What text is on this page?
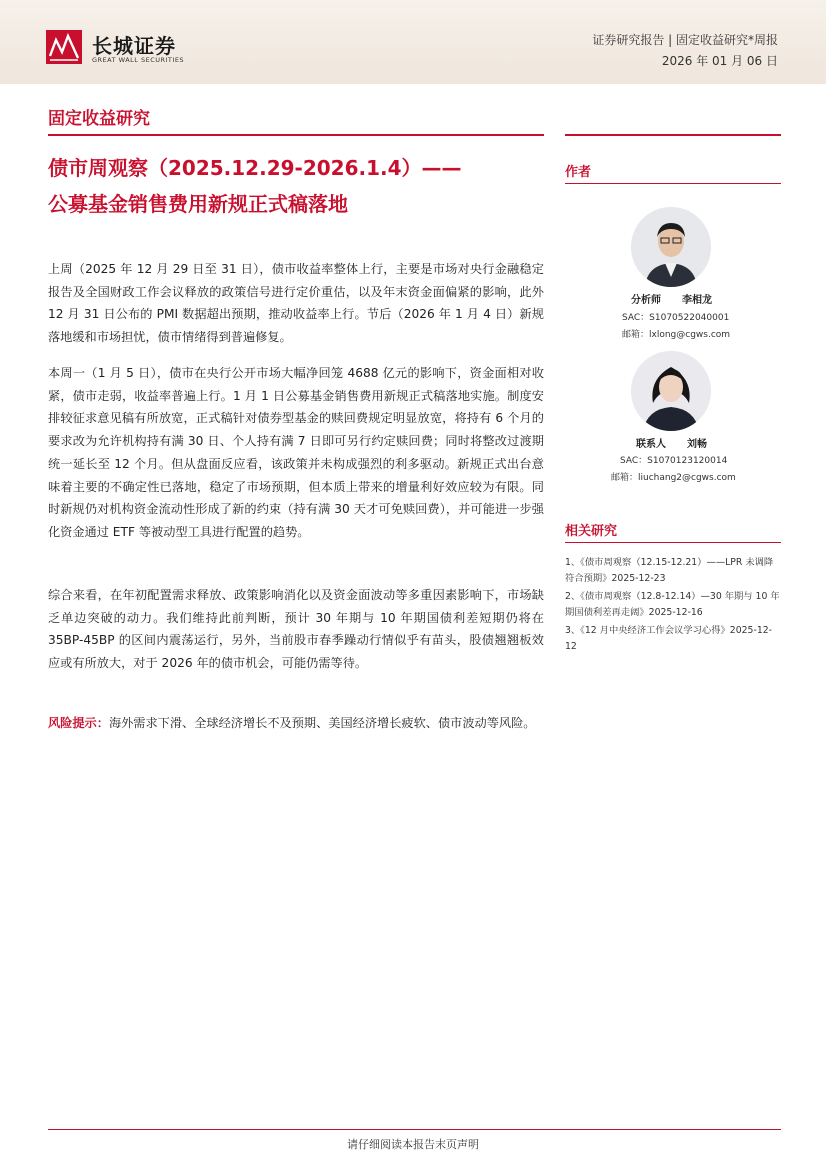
长城证券
GREAT WALL SECURITIES
证券研究报告 | 固定收益研究*周报
2026 年 01 月 06 日
固定收益研究
债市周观察（2025.12.29-2026.1.4）——
公募基金销售费用新规正式稿落地
上周（2025 年 12 月 29 日至 31 日），债市收益率整体上行，主要是市场对央行金融稳定报告及全国财政工作会议释放的政策信号进行定价重估，以及年末资金面偏紧的影响，此外 12 月 31 日公布的 PMI 数据超出预期，推动收益率上行。节后（2026 年 1 月 4 日）新规落地缓和市场担忧，债市情绪得到普遍修复。
本周一（1 月 5 日），债市在央行公开市场大幅净回笼 4688 亿元的影响下，资金面相对收紧，债市走弱，收益率普遍上行。1 月 1 日公募基金销售费用新规正式稿落地实施。制度安排较征求意见稿有所放宽，正式稿针对债券型基金的赎回费规定明显放宽，将持有 6 个月的要求改为允许机构持有满 30 日、个人持有满 7 日即可另行约定赎回费；同时将整改过渡期统一延长至 12 个月。但从盘面反应看，该政策并未构成强烈的利多驱动。新规正式出台意味着主要的不确定性已落地，稳定了市场预期，但本质上带来的增量利好效应较为有限。同时新规仍对机构资金流动性形成了新的约束（持有满 30 天才可免赎回费），并可能进一步强化资金通过 ETF 等被动型工具进行配置的趋势。
综合来看，在年初配置需求释放、政策影响消化以及资金面波动等多重因素影响下，市场缺乏单边突破的动力。我们维持此前判断，预计 30 年期与 10 年期国债利差短期仍将在 35BP-45BP 的区间内震荡运行，另外，当前股市春季躁动行情似乎有苗头，股债翘翘板效应或有所放大，对于 2026 年的债市机会，可能仍需等待。
风险提示：海外需求下滑、全球经济增长不及预期、美国经济增长疲软、债市波动等风险。
作者
分析师 李相龙
SAC：S1070522040001
邮箱：lxlong@cgws.com
联系人 刘畅
SAC：S1070123120014
邮箱：liuchang2@cgws.com
相关研究
1、《债市周观察（12.15-12.21）——LPR 未调降符合预期》2025-12-23
2、《债市周观察（12.8-12.14）—30 年期与 10 年期国债利差再走阔》2025-12-16
3、《12 月中央经济工作会议学习心得》2025-12-12
请仔细阅读本报告末页声明
